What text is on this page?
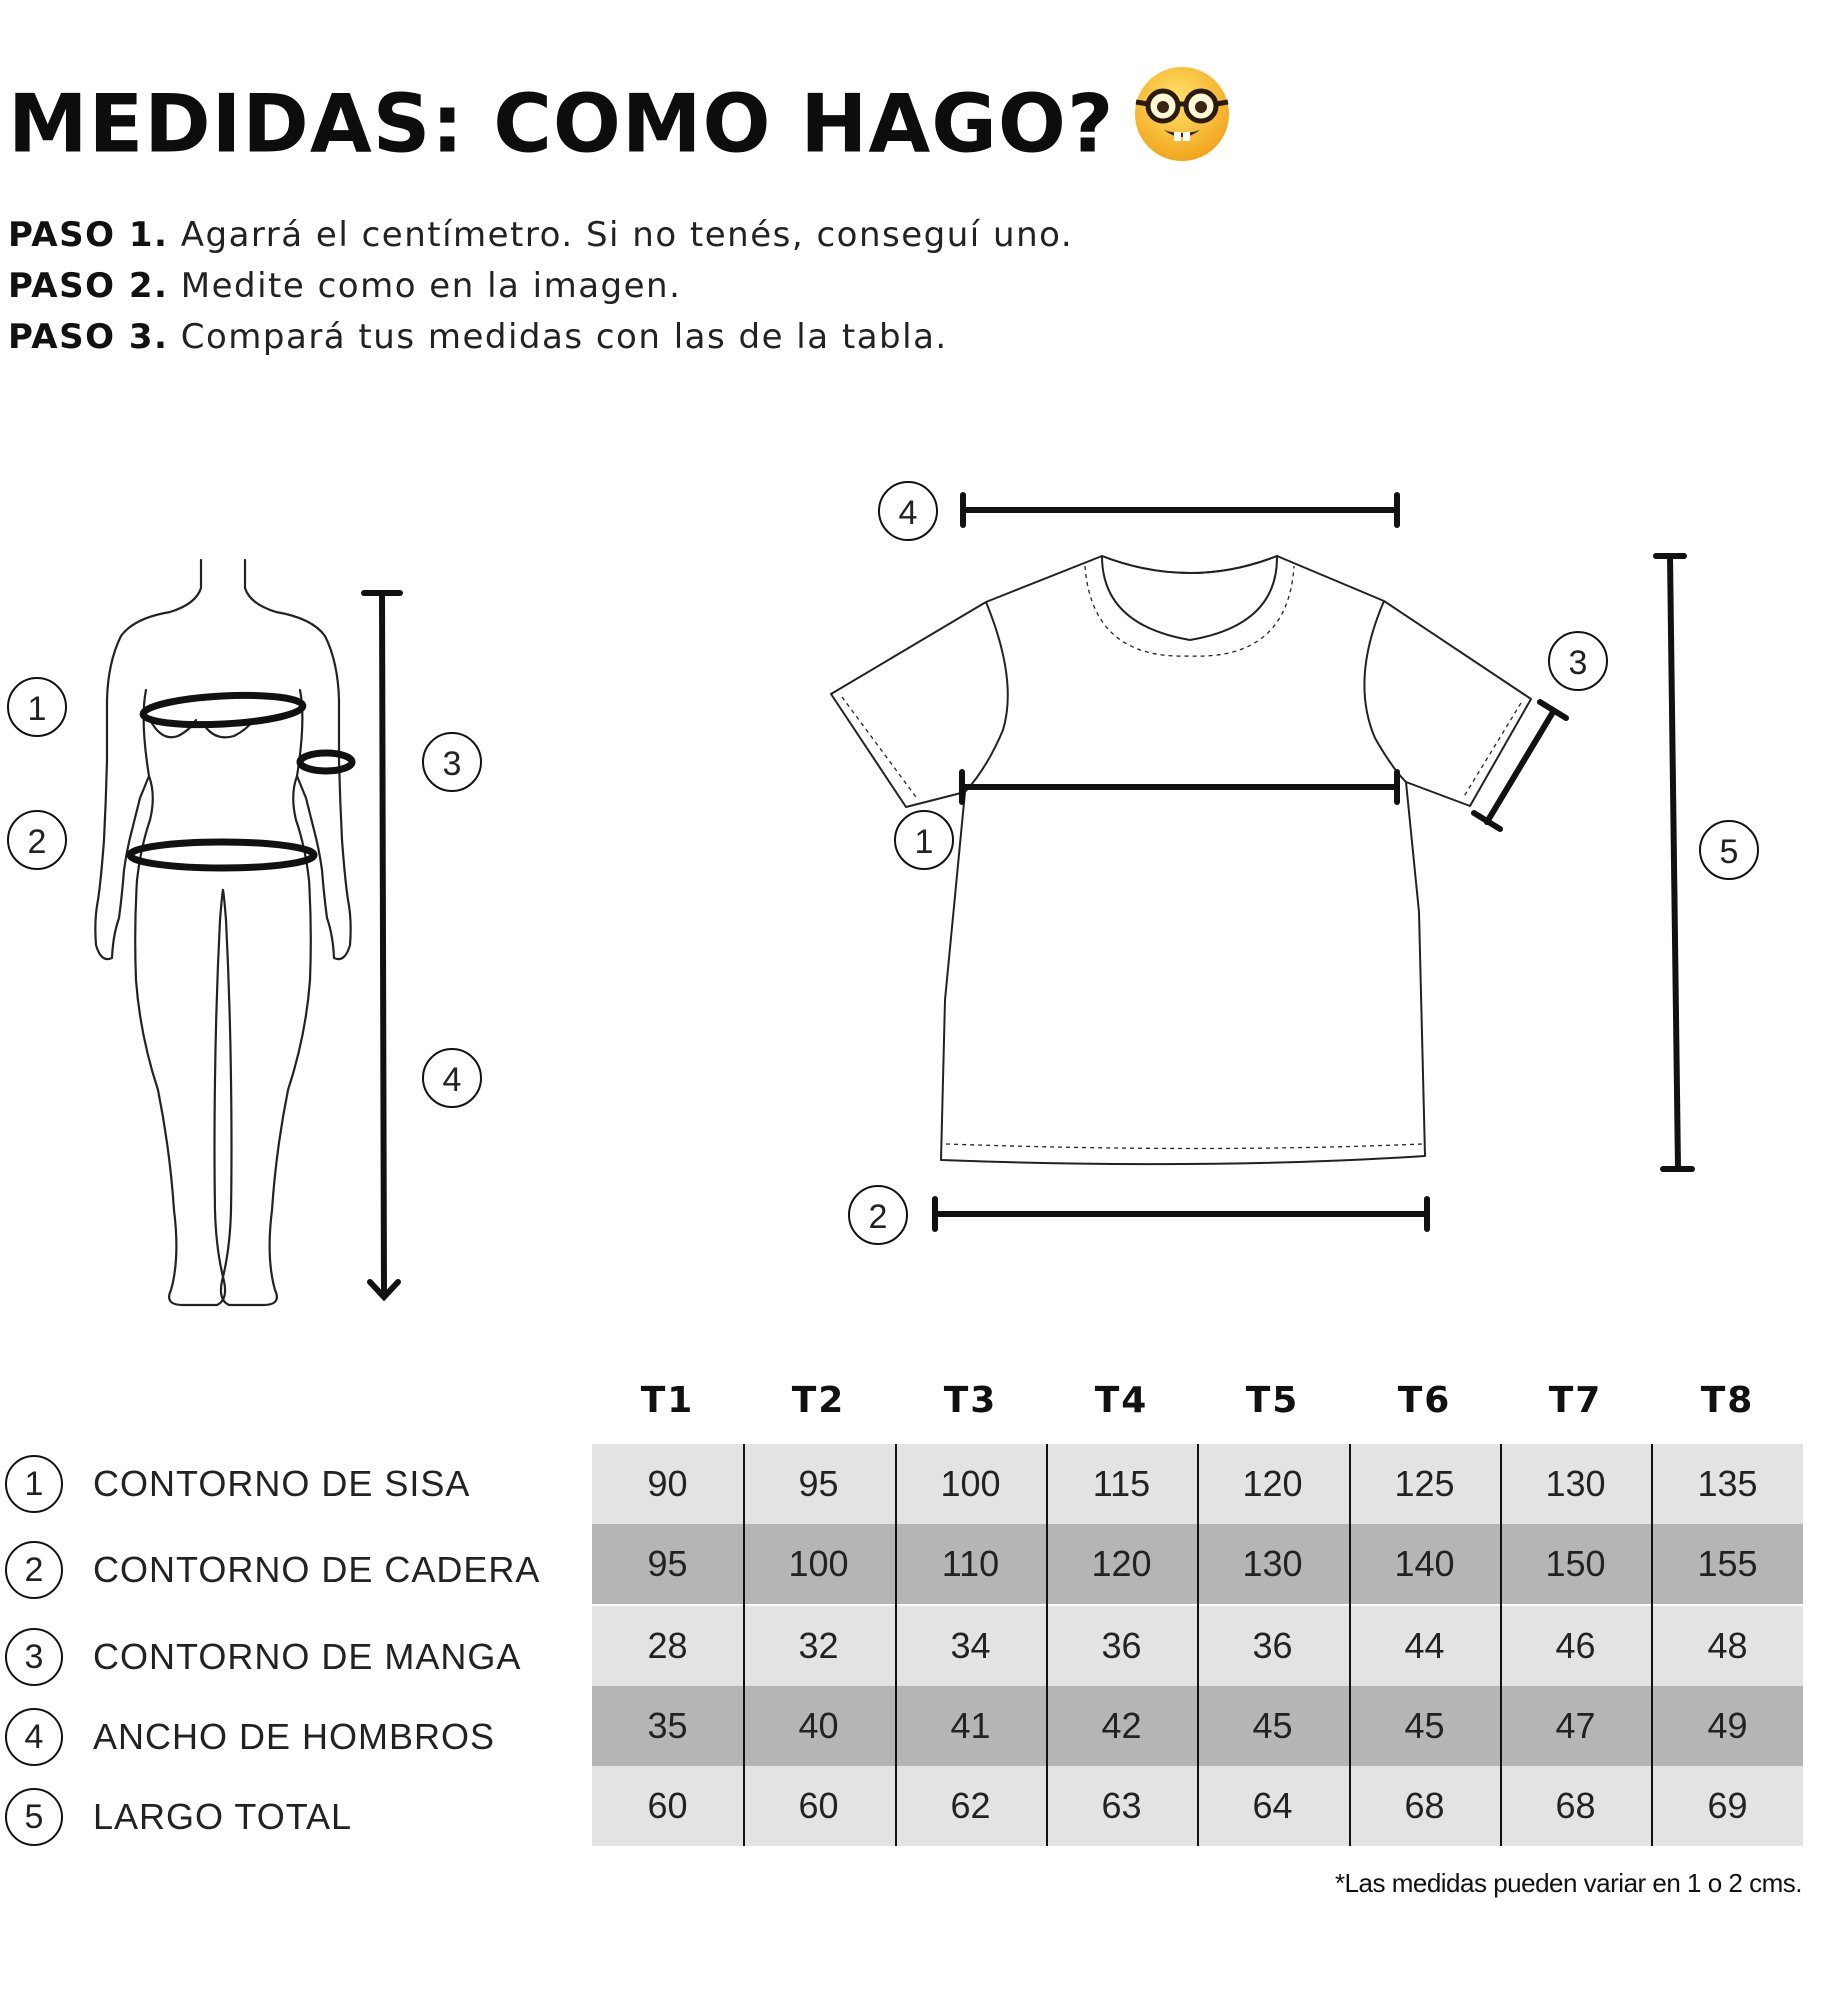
MEDIDAS: COMO HAGO?
PASO 1. Agarrá el centímetro. Si no tenés, conseguí uno.
PASO 2. Medite como en la imagen.
PASO 3. Compará tus medidas con las de la tabla.
1
2
3
4
4
3
1	5
2
T1	T2	T3	T4	T5	T6	T7	T8
1	CONTORNO DE SISA
2	CONTORNO DE CADERA
3	CONTORNO DE MANGA
4	ANCHO DE HOMBROS
5	LARGO TOTAL
90	95	100	115	120	125	130	135
95	100	110	120	130	140	150	155
28	32	34	36	36	44	46	48
35	40	41	42	45	45	47	49
60	60	62	63	64	68	68	69
*Las medidas pueden variar en 1 o 2 cms.
